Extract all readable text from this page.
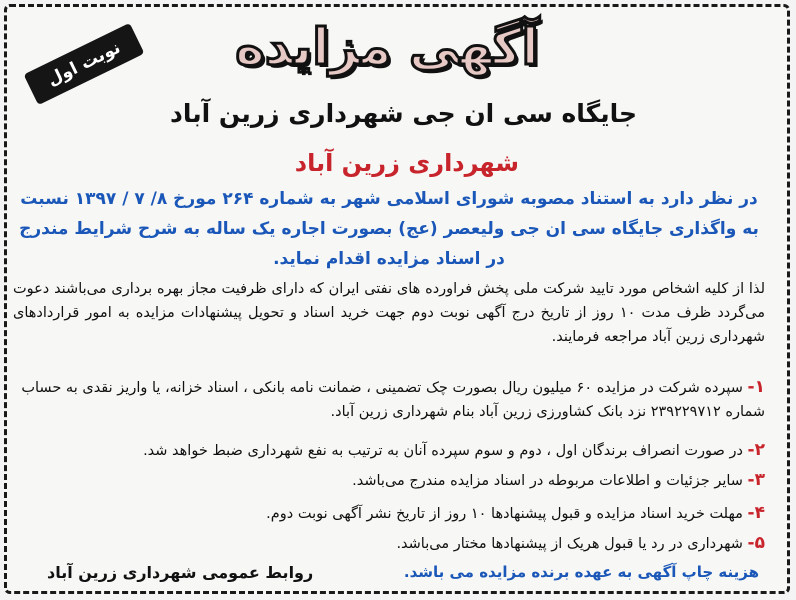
آگهی مزایده
نوبت اول
جایگاه سی ان جی شهرداری زرین آباد
شهرداری زرین آباد
در نظر دارد به استناد مصوبه شورای اسلامی شهر به شماره ۲۶۴ مورخ ۸/ ۷ / ۱۳۹۷ نسبت به واگذاری جایگاه سی ان جی ولیعصر (عج) بصورت اجاره یک ساله به شرح شرایط مندرج در اسناد مزایده اقدام نماید.
لذا از کلیه اشخاص مورد تایید شرکت ملی پخش فراورده های نفتی ایران که دارای ظرفیت مجاز بهره برداری می‌باشند دعوت می‌گردد ظرف مدت ۱۰ روز از تاریخ درج آگهی نوبت دوم جهت خرید اسناد و تحویل پیشنهادات مزایده به امور قراردادهای شهرداری زرین آباد مراجعه فرمایند.
۱- سپرده شرکت در مزایده ۶۰ میلیون ریال بصورت چک تضمینی ، ضمانت نامه بانکی ، اسناد خزانه، یا واریز نقدی به حساب شماره ۲۳۹۲۲۹۷۱۲ نزد بانک کشاورزی زرین آباد بنام شهرداری زرین آباد.
۲- در صورت انصراف برندگان اول ، دوم و سوم سپرده آنان به ترتیب به نفع شهرداری ضبط خواهد شد.
۳- سایر جزئیات و اطلاعات مربوطه در اسناد مزایده مندرج می‌باشد.
۴- مهلت خرید اسناد مزایده و قبول پیشنهادها ۱۰ روز از تاریخ نشر آگهی نوبت دوم.
۵- شهرداری در رد یا قبول هریک از پیشنهادها مختار می‌باشد.
هزینه چاپ آگهی به عهده برنده مزایده می باشد.
روابط عمومی شهرداری زرین آباد
